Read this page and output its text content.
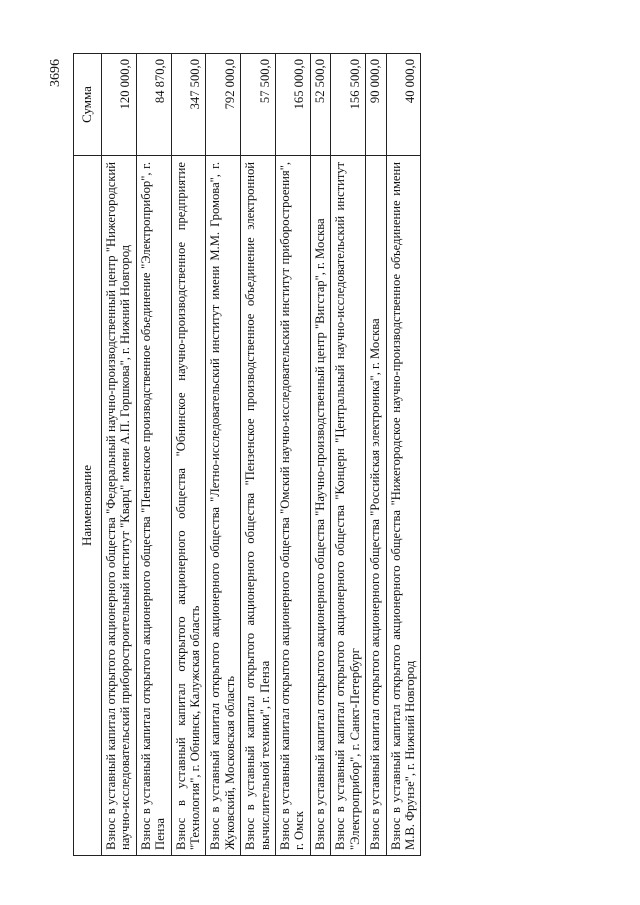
3696
Наименование	Сумма
Взнос в уставный капитал открытого акционерного общества "Федеральный научно-производственный центр "Нижегородский научно-исследовательский приборостроительный институт "Кварц" имени А.П. Горшкова", г. Нижний Новгород	120 000,0
Взнос в уставный капитал открытого акционерного общества "Пензенское производственное объединение "Электроприбор", г. Пенза	84 870,0
Взнос в уставный капитал открытого акционерного общества "Обнинское научно-производственное предприятие "Технология", г. Обнинск, Калужская область	347 500,0
Взнос в уставный капитал открытого акционерного общества "Летно-исследовательский институт имени М.М. Громова", г. Жуковский, Московская область	792 000,0
Взнос в уставный капитал открытого акционерного общества "Пензенское производственное объединение электронной вычислительной техники", г. Пенза	57 500,0
Взнос в уставный капитал открытого акционерного общества "Омский научно-исследовательский институт приборостроения", г. Омск	165 000,0
Взнос в уставный капитал открытого акционерного общества "Научно-производственный центр "Вигстар", г. Москва	52 500,0
Взнос в уставный капитал открытого акционерного общества "Концерн "Центральный научно-исследовательский институт "Электроприбор", г. Санкт-Петербург	156 500,0
Взнос в уставный капитал открытого акционерного общества "Российская электроника", г. Москва	90 000,0
Взнос в уставный капитал открытого акционерного общества "Нижегородское научно-производственное объединение имени М.В. Фрунзе", г. Нижний Новгород	40 000,0
